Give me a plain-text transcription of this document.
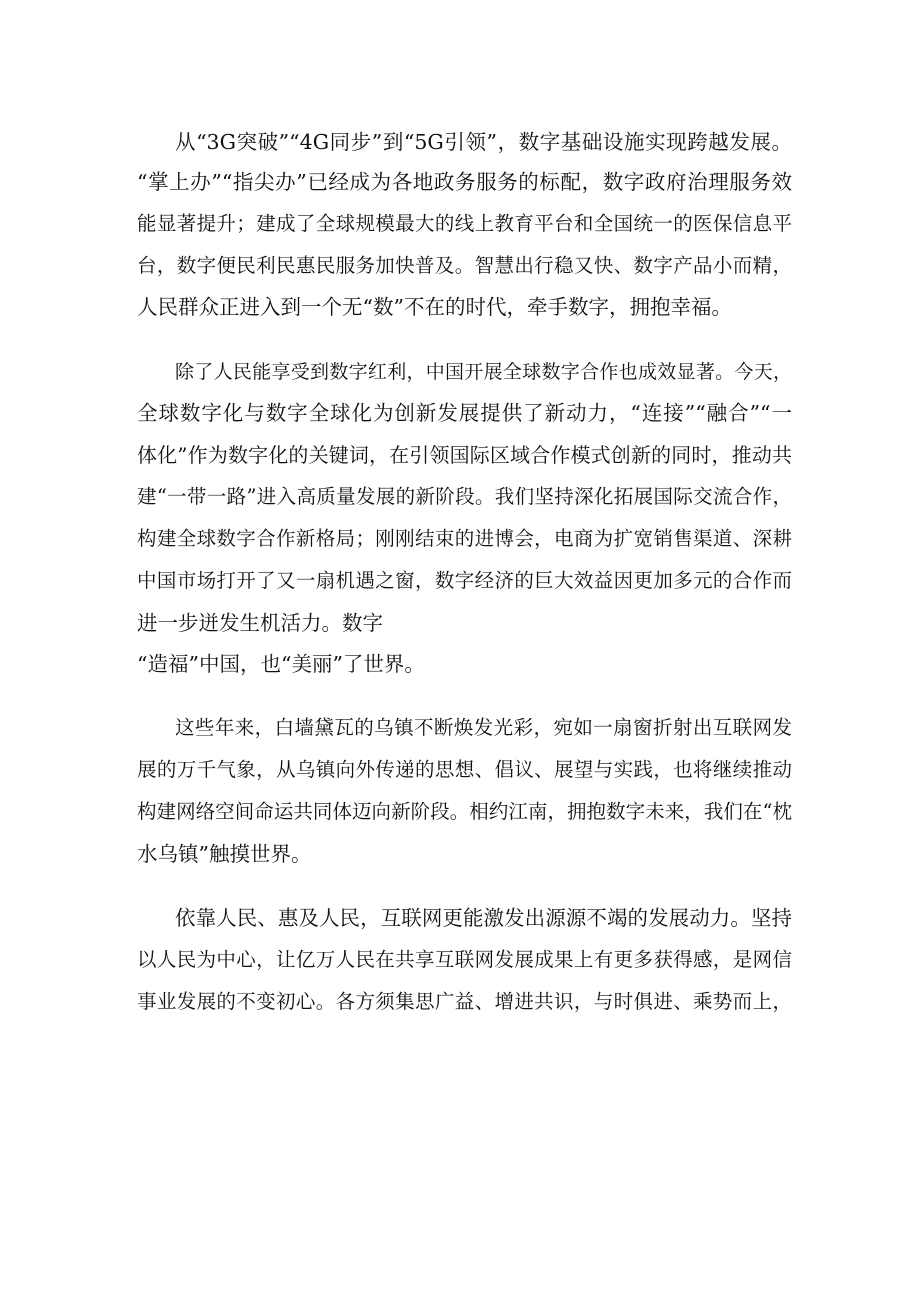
从“3G突破”“4G同步”到“5G引领”，数字基础设施实现跨越发展。
“掌上办”“指尖办”已经成为各地政务服务的标配，数字政府治理服务效
能显著提升；建成了全球规模最大的线上教育平台和全国统一的医保信息平
台，数字便民利民惠民服务加快普及。智慧出行稳又快、数字产品小而精，
人民群众正进入到一个无“数”不在的时代，牵手数字，拥抱幸福。
除了人民能享受到数字红利，中国开展全球数字合作也成效显著。今天，
全球数字化与数字全球化为创新发展提供了新动力，“连接”“融合”“一
体化”作为数字化的关键词，在引领国际区域合作模式创新的同时，推动共
建“一带一路”进入高质量发展的新阶段。我们坚持深化拓展国际交流合作，
构建全球数字合作新格局；刚刚结束的进博会，电商为扩宽销售渠道、深耕
中国市场打开了又一扇机遇之窗，数字经济的巨大效益因更加多元的合作而
进一步迸发生机活力。数字
“造福”中国，也“美丽”了世界。
这些年来，白墙黛瓦的乌镇不断焕发光彩，宛如一扇窗折射出互联网发
展的万千气象，从乌镇向外传递的思想、倡议、展望与实践，也将继续推动
构建网络空间命运共同体迈向新阶段。相约江南，拥抱数字未来，我们在“枕
水乌镇”触摸世界。
依靠人民、惠及人民，互联网更能激发出源源不竭的发展动力。坚持
以人民为中心，让亿万人民在共享互联网发展成果上有更多获得感，是网信
事业发展的不变初心。各方须集思广益、增进共识，与时俱进、乘势而上，
